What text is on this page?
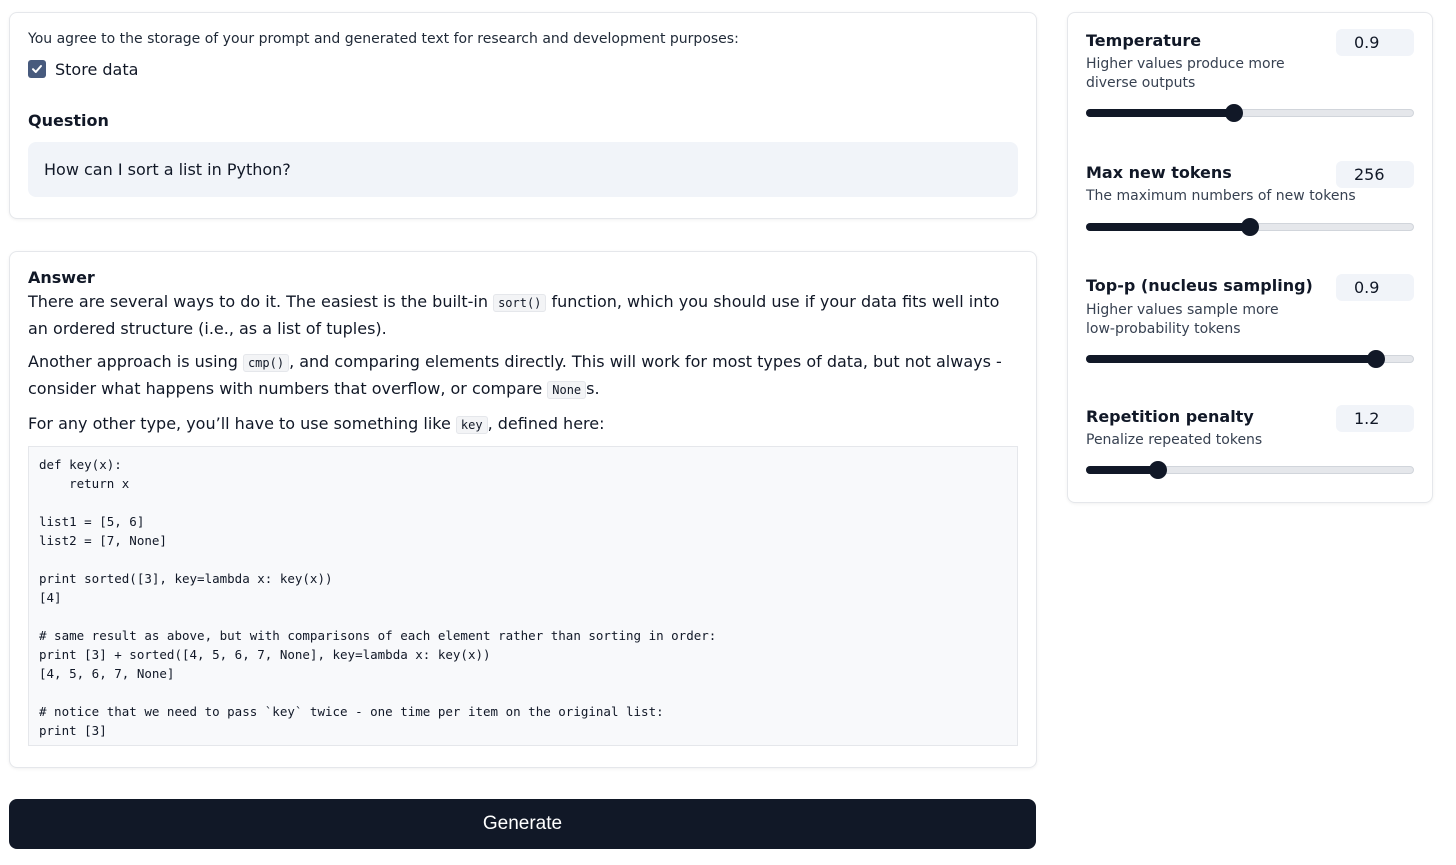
You agree to the storage of your prompt and generated text for research and development purposes:
Store data
Question
How can I sort a list in Python?
Answer

There are several ways to do it. The easiest is the built-in sort() function, which you should use if your data fits well into an ordered structure (i.e., as a list of tuples).

Another approach is using cmp() , and comparing elements directly. This will work for most types of data, but not always - consider what happens with numbers that overflow, or compare None s.

For any other type, you’ll have to use something like key , defined here:

def key(x):
return x

list1 = [5, 6]
list2 = [7, None]

print sorted([3], key=lambda x: key(x))
[4]

# same result as above, but with comparisons of each element rather than sorting in order:
print [3] + sorted([4, 5, 6, 7, None], key=lambda x: key(x))
[4, 5, 6, 7, None]

# notice that we need to pass `key` twice - one time per item on the original list:
print [3]
Generate
Temperature	0.9
Higher values produce more diverse outputs
Max new tokens	256
The maximum numbers of new tokens
Top-p (nucleus sampling)	0.9
Higher values sample more low-probability tokens
Repetition penalty	1.2
Penalize repeated tokens
